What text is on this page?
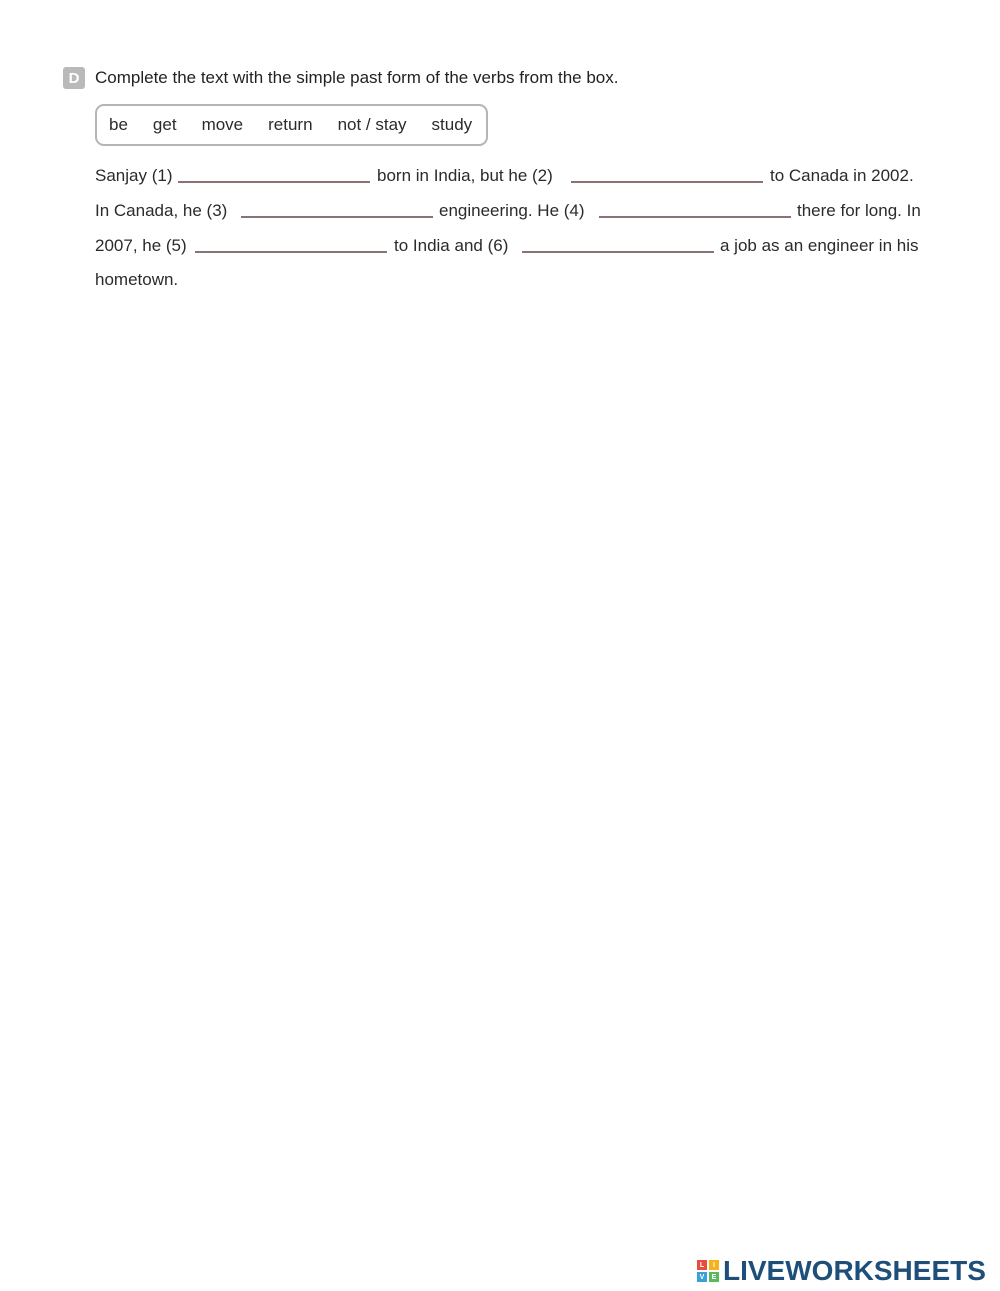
D Complete the text with the simple past form of the verbs from the box.
be get move return not / stay study
Sanjay (1)	born in India, but he (2)	to Canada in 2002.
In Canada, he (3)	engineering. He (4)	there for long. In
2007, he (5)	to India and (6)	a job as an engineer in his
hometown.
L	I
V	E LIVEWORKSHEETS
